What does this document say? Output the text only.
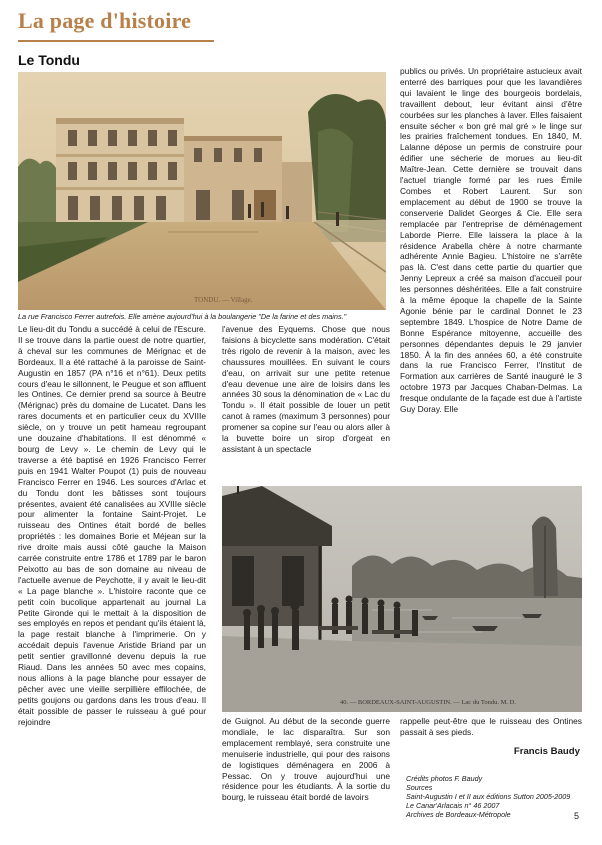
La page d'histoire
Le Tondu
TONDU. — Village.
La rue Francisco Ferrer autrefois. Elle amène aujourd'hui à la boulangerie "De la farine et des mains."

Le lieu-dit du Tondu a succédé à celui de l'Escure. Il se trouve dans la partie ouest de notre quartier, à cheval sur les communes de Mérignac et de Bordeaux. Il a été rattaché à la paroisse de Saint-Augustin en 1857 (PA n°16 et n°61). Deux petits cours d'eau le sillonnent, le Peugue et son affluent les Ontines. Ce dernier prend sa source à Beutre (Mérignac) près du domaine de Lucatet. Dans les rares documents et en particulier ceux du XVIIIe siècle, on y trouve un petit hameau regroupant une douzaine d'habitations. Il est dénommé « bourg de Levy ». Le chemin de Levy qui le traverse a été baptisé en 1926 Francisco Ferrer puis en 1941 Walter Poupot (1) puis de nouveau Francisco Ferrer en 1946. Les sources d'Arlac et du Tondu dont les bâtisses sont toujours présentes, avaient été canalisées au XVIIIe siècle pour alimenter la fontaine Saint-Projet. Le ruisseau des Ontines était bordé de belles propriétés : les domaines Borie et Méjean sur la rive droite mais aussi côté gauche la Maison carrée construite entre 1786 et 1789 par le baron Peixotto au bas de son domaine au niveau de l'actuelle avenue de Peychotte, il y avait le lieu-dit « La page blanche ». L'histoire raconte que ce petit coin bucolique appartenait au journal La Petite Gironde qui le mettait à la disposition de ses employés en repos et pendant qu'ils étaient là, la page restait blanche à l'imprimerie. On y accédait depuis l'avenue Aristide Briand par un petit sentier gravillonné devenu depuis la rue Riaud. Dans les années 50 avec mes copains, nous allions à la page blanche pour essayer de pêcher avec une vieille serpillière effilochée, de petits goujons ou gardons dans les trous d'eau. Il était possible de passer le ruisseau à gué pour rejoindre

l'avenue des Eyquems. Chose que nous faisions à bicyclette sans modération. C'était très rigolo de revenir à la maison, avec les chaussures mouillées. En suivant le cours d'eau, on arrivait sur une petite retenue d'eau devenue une aire de loisirs dans les années 30 sous la dénomination de « Lac du Tondu ». Il était possible de louer un petit canot à rames (maximum 3 personnes) pour promener sa copine sur l'eau ou alors aller à la buvette boire un sirop d'orgeat en assistant à un spectacle

publics ou privés. Un propriétaire astucieux avait enterré des barriques pour que les lavandières qui lavaient le linge des bourgeois bordelais, travaillent debout, leur évitant ainsi d'être courbées sur les planches à laver. Elles faisaient ensuite sécher « bon gré mal gré » le linge sur les prairies fraîchement tondues. En 1840, M. Lalanne dépose un permis de construire pour édifier une sécherie de morues au lieu-dit Maître-Jean. Cette dernière se trouvait dans l'actuel triangle formé par les rues Émile Combes et Robert Laurent. Sur son emplacement au début de 1900 se trouve la conserverie Dalidet Georges & Cie. Elle sera remplacée par l'entreprise de déménagement Laborde Pierre. Elle laissera la place à la résidence Arabella chère à notre charmante adhérente Annie Bagieu. L'histoire ne s'arrête pas là. C'est dans cette partie du quartier que Jenny Lepreux a créé sa maison d'accueil pour les personnes déshéritées. Elle a fait construire à la même époque la chapelle de la Sainte Agonie bénie par le cardinal Donnet le 23 septembre 1849. L'hospice de Notre Dame de Bonne Espérance mitoyenne, accueille des personnes dépendantes depuis le 29 janvier 1850. À la fin des années 60, a été construite dans la rue Francisco Ferrer, l'Institut de Formation aux carrières de Santé inauguré le 3 octobre 1973 par Jacques Chaban-Delmas. La fresque ondulante de la façade est due à l'artiste Guy Doray. Elle

40. — BORDEAUX-SAINT-AUGUSTIN. — Lac du Tondu. M. D.

de Guignol. Au début de la seconde guerre mondiale, le lac disparaîtra. Sur son emplacement remblayé, sera construite une menuiserie industrielle, qui pour des raisons de logistiques déménagera en 2006 à Pessac. On y trouve aujourd'hui une résidence pour les étudiants. À la sortie du bourg, le ruisseau était bordé de lavoirs

rappelle peut-être que le ruisseau des Ontines passait à ses pieds.

Francis Baudy
Crédits photos F. Baudy
Sources
Saint-Augustin I et II aux éditions Sutton 2005-2009
Le Canar'Arlacais n° 46 2007
Archives de Bordeaux-Métropole	5
